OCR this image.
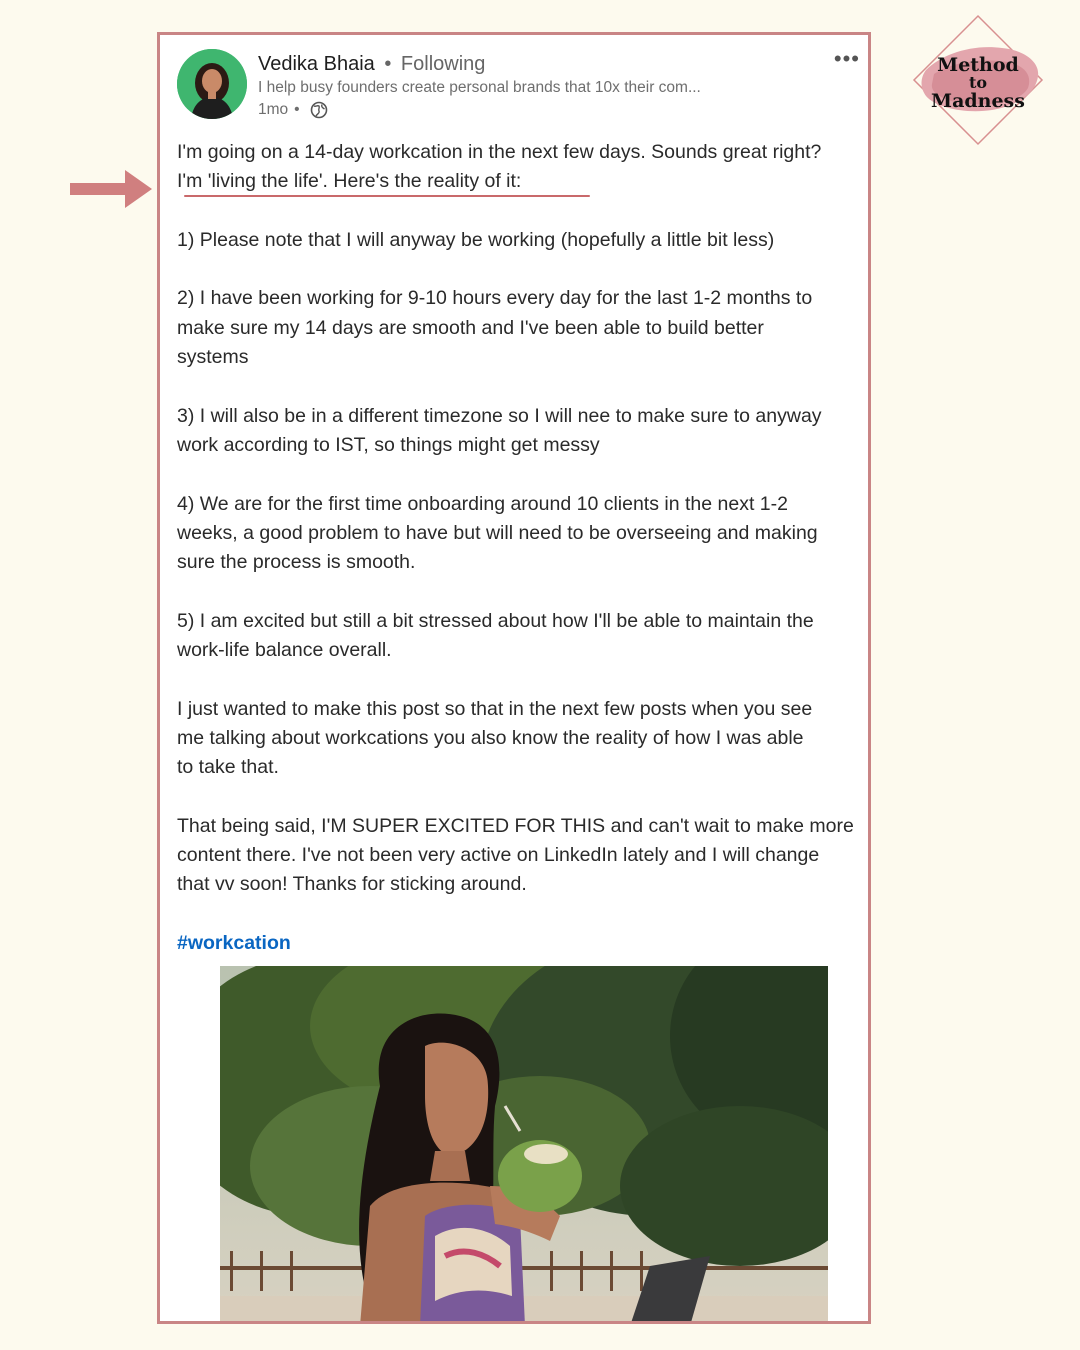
Method
to
Madness
Vedika Bhaia • Following
I help busy founders create personal brands that 10x their com...
1mo •
•••

I'm going on a 14-day workcation in the next few days. Sounds great right?
I'm 'living the life'. Here's the reality of it:

1) Please note that I will anyway be working (hopefully a little bit less)

2) I have been working for 9-10 hours every day for the last 1-2 months to
make sure my 14 days are smooth and I've been able to build better
systems

3) I will also be in a different timezone so I will nee to make sure to anyway
work according to IST, so things might get messy

4) We are for the first time onboarding around 10 clients in the next 1-2
weeks, a good problem to have but will need to be overseeing and making
sure the process is smooth.

5) I am excited but still a bit stressed about how I'll be able to maintain the
work-life balance overall.

I just wanted to make this post so that in the next few posts when you see
me talking about workcations you also know the reality of how I was able
to take that.

That being said, I'M SUPER EXCITED FOR THIS and can't wait to make more
content there. I've not been very active on LinkedIn lately and I will change
that vv soon! Thanks for sticking around.

#workcation
